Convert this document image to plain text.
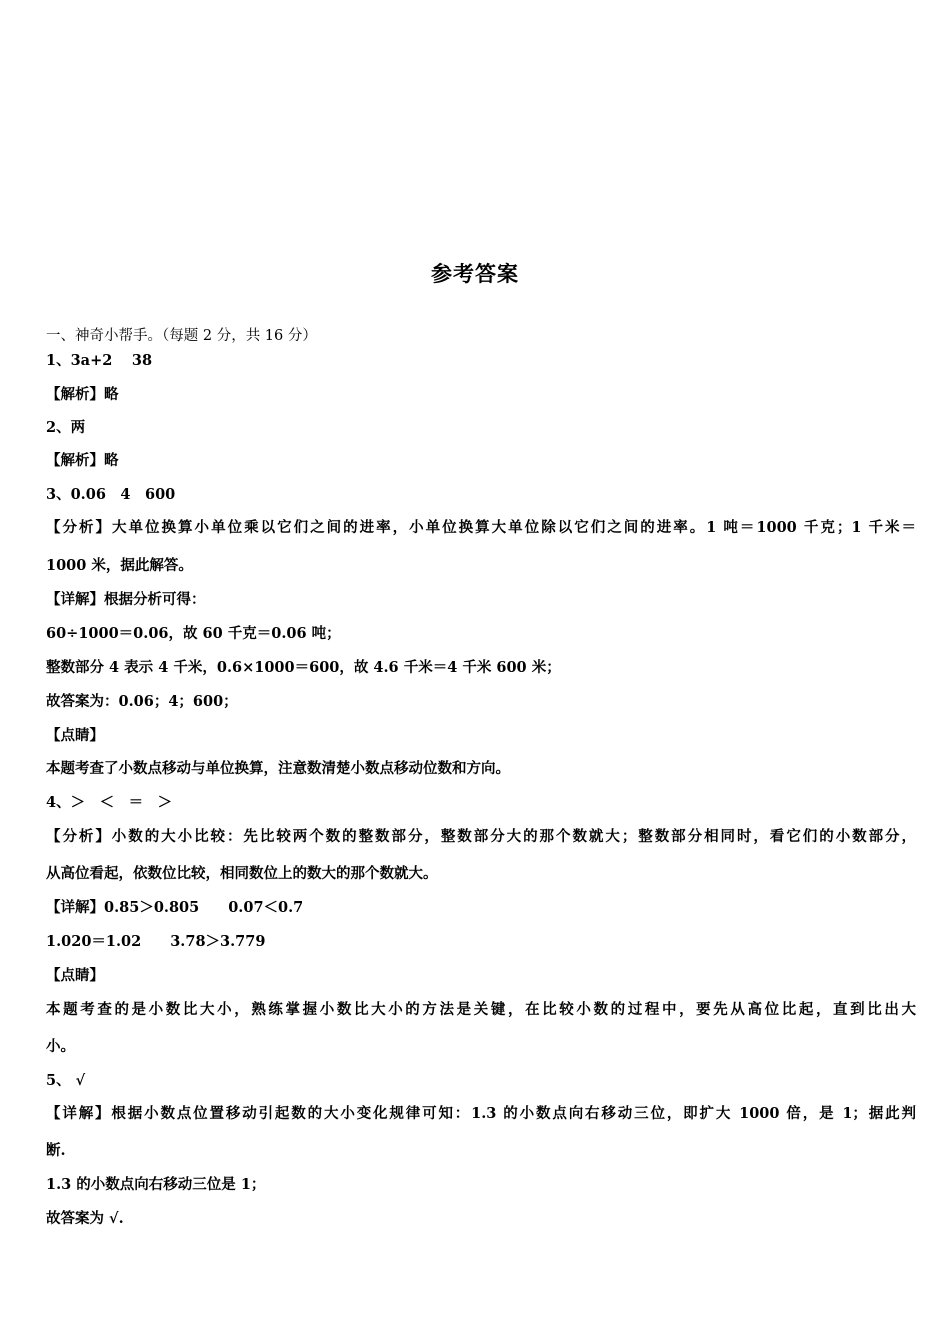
参考答案
一、神奇小帮手。（每题 2 分，共 16 分）
1、3a+2　 38
【解析】略
2、两
【解析】略
3、0.06　4　600
【分析】大单位换算小单位乘以它们之间的进率，小单位换算大单位除以它们之间的进率。1 吨＝1000 千克；1 千米＝
1000 米，据此解答。
【详解】根据分析可得：
60÷1000＝0.06，故 60 千克＝0.06 吨；
整数部分 4 表示 4 千米，0.6×1000＝600，故 4.6 千米＝4 千米 600 米；
故答案为：0.06；4；600；
【点睛】
本题考查了小数点移动与单位换算，注意数清楚小数点移动位数和方向。
4、＞　＜　＝　＞
【分析】小数的大小比较：先比较两个数的整数部分，整数部分大的那个数就大；整数部分相同时，看它们的小数部分，
从高位看起，依数位比较，相同数位上的数大的那个数就大。
【详解】0.85＞0.805　　0.07＜0.7
1.020＝1.02　　3.78＞3.779
【点睛】
本题考查的是小数比大小，熟练掌握小数比大小的方法是关键，在比较小数的过程中，要先从高位比起，直到比出大
小。
5、 √
【详解】根据小数点位置移动引起数的大小变化规律可知：1.3 的小数点向右移动三位，即扩大 1000 倍，是 1；据此判
断.
1.3 的小数点向右移动三位是 1；
故答案为 √.
